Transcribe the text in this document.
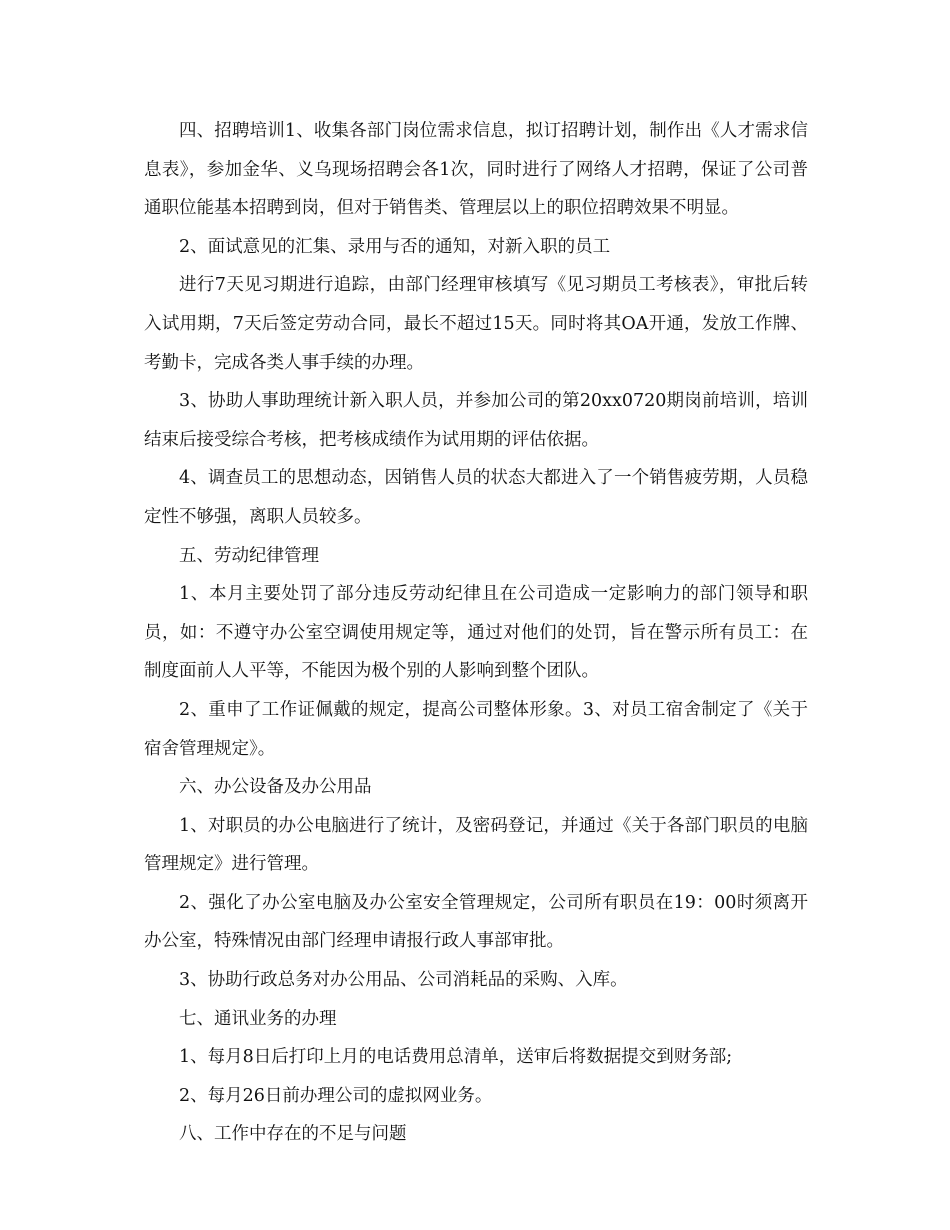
四、招聘培训1、收集各部门岗位需求信息，拟订招聘计划，制作出《人才需求信息表》，参加金华、义乌现场招聘会各1次，同时进行了网络人才招聘，保证了公司普通职位能基本招聘到岗，但对于销售类、管理层以上的职位招聘效果不明显。

2、面试意见的汇集、录用与否的通知，对新入职的员工

进行7天见习期进行追踪，由部门经理审核填写《见习期员工考核表》，审批后转入试用期，7天后签定劳动合同，最长不超过15天。同时将其OA开通，发放工作牌、考勤卡，完成各类人事手续的办理。

3、协助人事助理统计新入职人员，并参加公司的第20xx0720期岗前培训，培训结束后接受综合考核，把考核成绩作为试用期的评估依据。

4、调查员工的思想动态，因销售人员的状态大都进入了一个销售疲劳期，人员稳定性不够强，离职人员较多。

五、劳动纪律管理

1、本月主要处罚了部分违反劳动纪律且在公司造成一定影响力的部门领导和职员，如：不遵守办公室空调使用规定等，通过对他们的处罚，旨在警示所有员工：在制度面前人人平等，不能因为极个别的人影响到整个团队。

2、重申了工作证佩戴的规定，提高公司整体形象。3、对员工宿舍制定了《关于宿舍管理规定》。

六、办公设备及办公用品

1、对职员的办公电脑进行了统计，及密码登记，并通过《关于各部门职员的电脑管理规定》进行管理。

2、强化了办公室电脑及办公室安全管理规定，公司所有职员在19：00时须离开办公室，特殊情况由部门经理申请报行政人事部审批。

3、协助行政总务对办公用品、公司消耗品的采购、入库。

七、通讯业务的办理

1、每月8日后打印上月的电话费用总清单，送审后将数据提交到财务部;

2、每月26日前办理公司的虚拟网业务。

八、工作中存在的不足与问题
